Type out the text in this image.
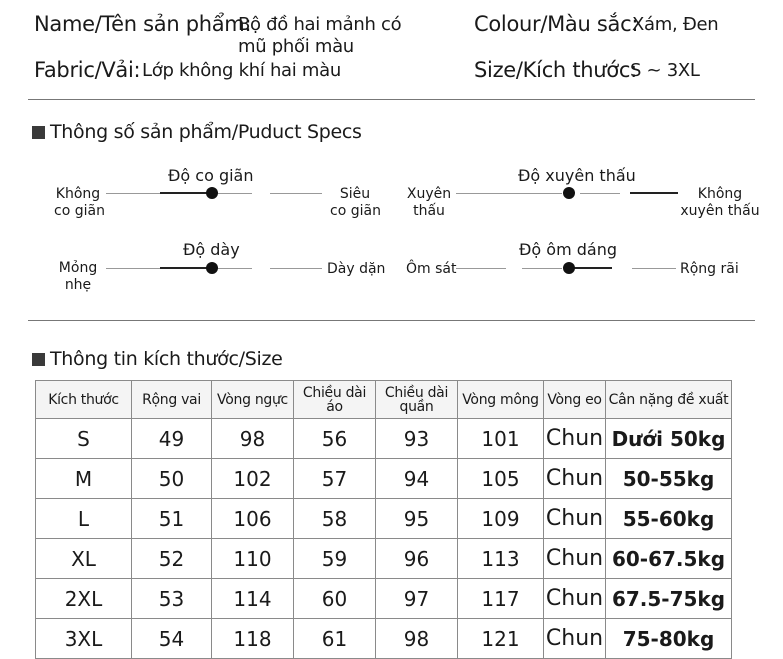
Name/Tên sản phẩm:
Bộ đồ hai mảnh có
mũ phối màu
Colour/Màu sắc:
Xám, Đen
Fabric/Vải: Lớp không khí hai màu	Size/Kích thước:
S ~ 3XL
Thông số sản phẩm/Puduct Specs
Độ co giãn
Không
co giãn
Siêu
co giãn
Độ xuyên thấu
Xuyên
thấu
Không
xuyên thấu
Độ dày
Mỏng
nhẹ
Dày dặn
Độ ôm dáng
Ôm sát	Rộng rãi
Thông tin kích thước/Size
Kích thước	Rộng vai	Vòng ngực	Chiều dài áo	Chiều dài
quần	Vòng mông	Vòng eo	Cân nặng đề xuất
S	49	98	56	93	101	Chun	Dưới 50kg
M	50	102	57	94	105	Chun	50-55kg
L	51	106	58	95	109	Chun	55-60kg
XL	52	110	59	96	113	Chun	60-67.5kg
2XL	53	114	60	97	117	Chun	67.5-75kg
3XL	54	118	61	98	121	Chun	75-80kg
